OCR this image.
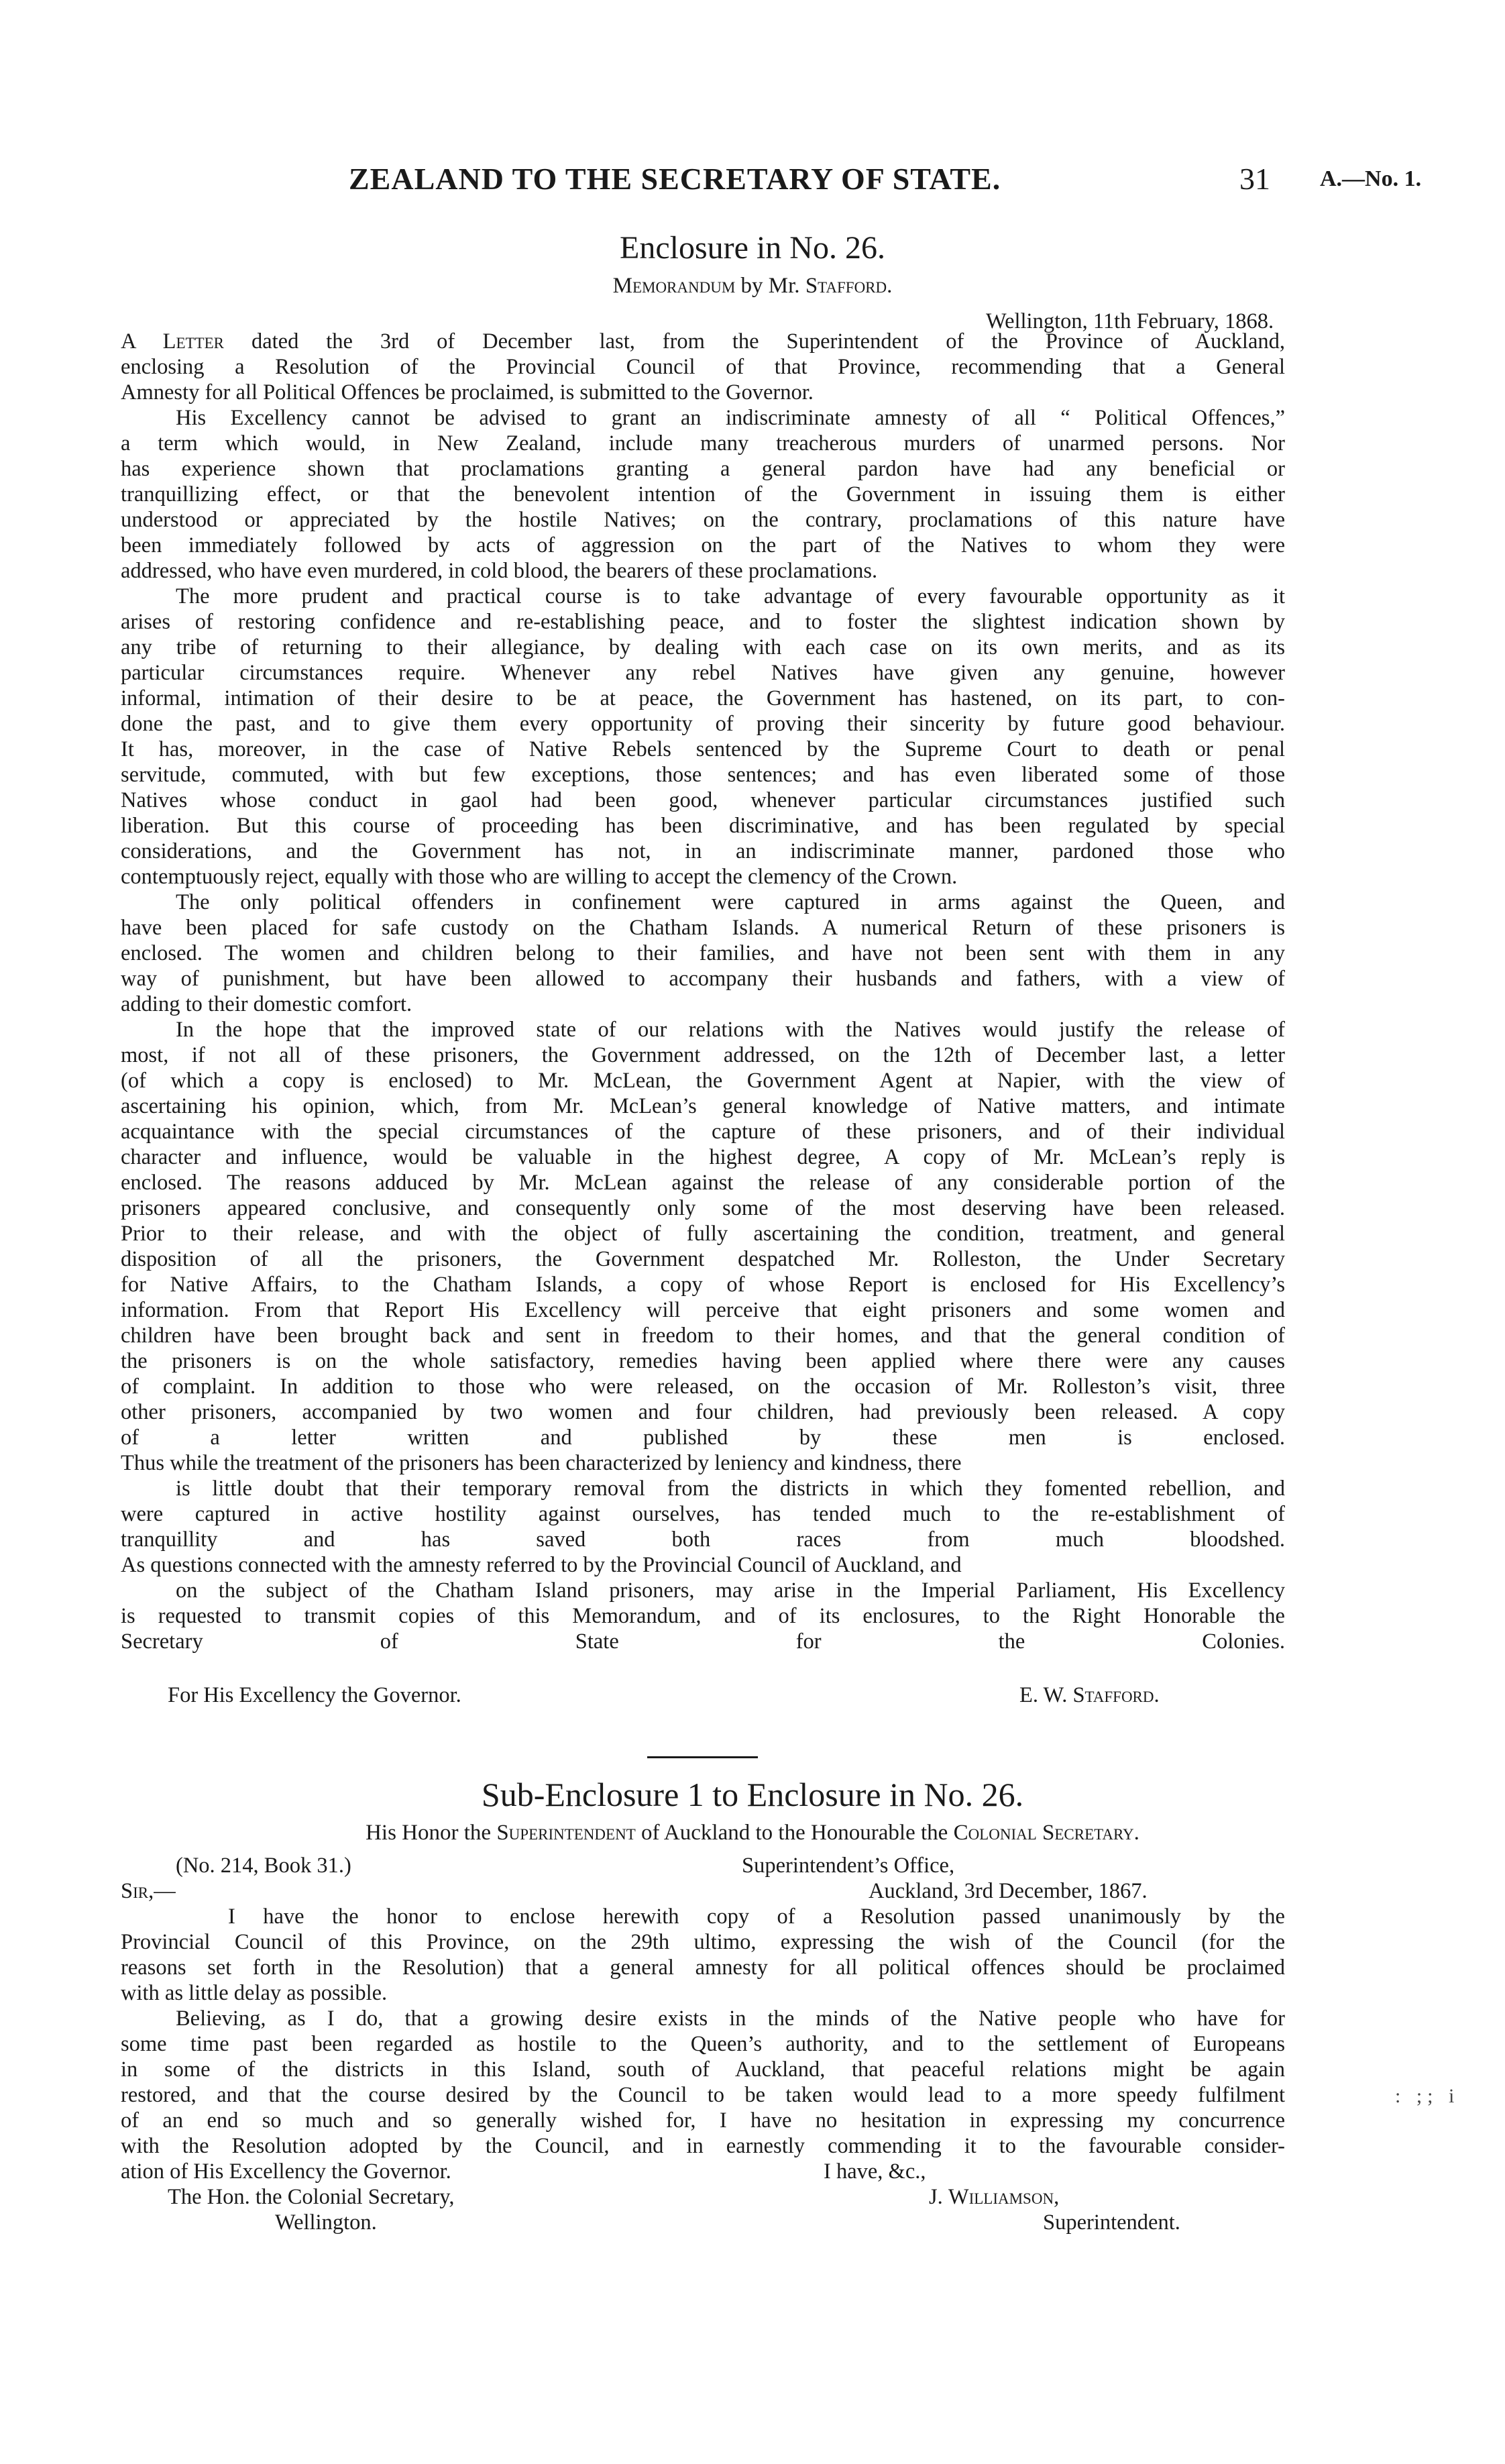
ZEALAND TO THE SECRETARY OF STATE.	31 A.—No. 1.
Enclosure in No. 26.
Memorandum by Mr. Stafford.
Wellington, 11th February, 1868.
A Letter dated the 3rd of December last, from the Superintendent of the Province of Auckland,
enclosing a Resolution of the Provincial Council of that Province, recommending that a General
Amnesty for all Political Offences be proclaimed, is submitted to the Governor.
His Excellency cannot be advised to grant an indiscriminate amnesty of all “ Political Offences,”
a term which would, in New Zealand, include many treacherous murders of unarmed persons. Nor
has experience shown that proclamations granting a general pardon have had any beneficial or
tranquillizing effect, or that the benevolent intention of the Government in issuing them is either
understood or appreciated by the hostile Natives; on the contrary, proclamations of this nature have
been immediately followed by acts of aggression on the part of the Natives to whom they were
addressed, who have even murdered, in cold blood, the bearers of these proclamations.
The more prudent and practical course is to take advantage of every favourable opportunity as it
arises of restoring confidence and re-establishing peace, and to foster the slightest indication shown by
any tribe of returning to their allegiance, by dealing with each case on its own merits, and as its
particular circumstances require. Whenever any rebel Natives have given any genuine, however
informal, intimation of their desire to be at peace, the Government has hastened, on its part, to con-
done the past, and to give them every opportunity of proving their sincerity by future good behaviour.
It has, moreover, in the case of Native Rebels sentenced by the Supreme Court to death or penal
servitude, commuted, with but few exceptions, those sentences; and has even liberated some of those
Natives whose conduct in gaol had been good, whenever particular circumstances justified such
liberation. But this course of proceeding has been discriminative, and has been regulated by special
considerations, and the Government has not, in an indiscriminate manner, pardoned those who
contemptuously reject, equally with those who are willing to accept the clemency of the Crown.
The only political offenders in confinement were captured in arms against the Queen, and
have been placed for safe custody on the Chatham Islands. A numerical Return of these prisoners is
enclosed. The women and children belong to their families, and have not been sent with them in any
way of punishment, but have been allowed to accompany their husbands and fathers, with a view of
adding to their domestic comfort.
In the hope that the improved state of our relations with the Natives would justify the release of
most, if not all of these prisoners, the Government addressed, on the 12th of December last, a letter
(of which a copy is enclosed) to Mr. McLean, the Government Agent at Napier, with the view of
ascertaining his opinion, which, from Mr. McLean’s general knowledge of Native matters, and intimate
acquaintance with the special circumstances of the capture of these prisoners, and of their individual
character and influence, would be valuable in the highest degree, A copy of Mr. McLean’s reply is
enclosed. The reasons adduced by Mr. McLean against the release of any considerable portion of the
prisoners appeared conclusive, and consequently only some of the most deserving have been released.
Prior to their release, and with the object of fully ascertaining the condition, treatment, and general
disposition of all the prisoners, the Government despatched Mr. Rolleston, the Under Secretary
for Native Affairs, to the Chatham Islands, a copy of whose Report is enclosed for His Excellency’s
information. From that Report His Excellency will perceive that eight prisoners and some women and
children have been brought back and sent in freedom to their homes, and that the general condition of
the prisoners is on the whole satisfactory, remedies having been applied where there were any causes
of complaint. In addition to those who were released, on the occasion of Mr. Rolleston’s visit, three
other prisoners, accompanied by two women and four children, had previously been released. A copy
of a letter written and published by these men is enclosed.
Thus while the treatment of the prisoners has been characterized by leniency and kindness, there
is little doubt that their temporary removal from the districts in which they fomented rebellion, and
were captured in active hostility against ourselves, has tended much to the re-establishment of
tranquillity and has saved both races from much bloodshed.
As questions connected with the amnesty referred to by the Provincial Council of Auckland, and
on the subject of the Chatham Island prisoners, may arise in the Imperial Parliament, His Excellency
is requested to transmit copies of this Memorandum, and of its enclosures, to the Right Honorable the
Secretary of State for the Colonies.
For His Excellency the Governor.	E. W. Stafford.
Sub-Enclosure 1 to Enclosure in No. 26.
His Honor the Superintendent of Auckland to the Honourable the Colonial Secretary.
(No. 214, Book 31.)	Superintendent’s Office,
Sir,—	Auckland, 3rd December, 1867.
I have the honor to enclose herewith copy of a Resolution passed unanimously by the
Provincial Council of this Province, on the 29th ultimo, expressing the wish of the Council (for the
reasons set forth in the Resolution) that a general amnesty for all political offences should be proclaimed
with as little delay as possible.
Believing, as I do, that a growing desire exists in the minds of the Native people who have for
some time past been regarded as hostile to the Queen’s authority, and to the settlement of Europeans
in some of the districts in this Island, south of Auckland, that peaceful relations might be again
restored, and that the course desired by the Council to be taken would lead to a more speedy fulfilment
of an end so much and so generally wished for, I have no hesitation in expressing my concurrence
with the Resolution adopted by the Council, and in earnestly commending it to the favourable consider-
ation of His Excellency the Governor.	I have, &c.,
The Hon. the Colonial Secretary,	J. Williamson,
Wellington.	Superintendent.
: ;; i
